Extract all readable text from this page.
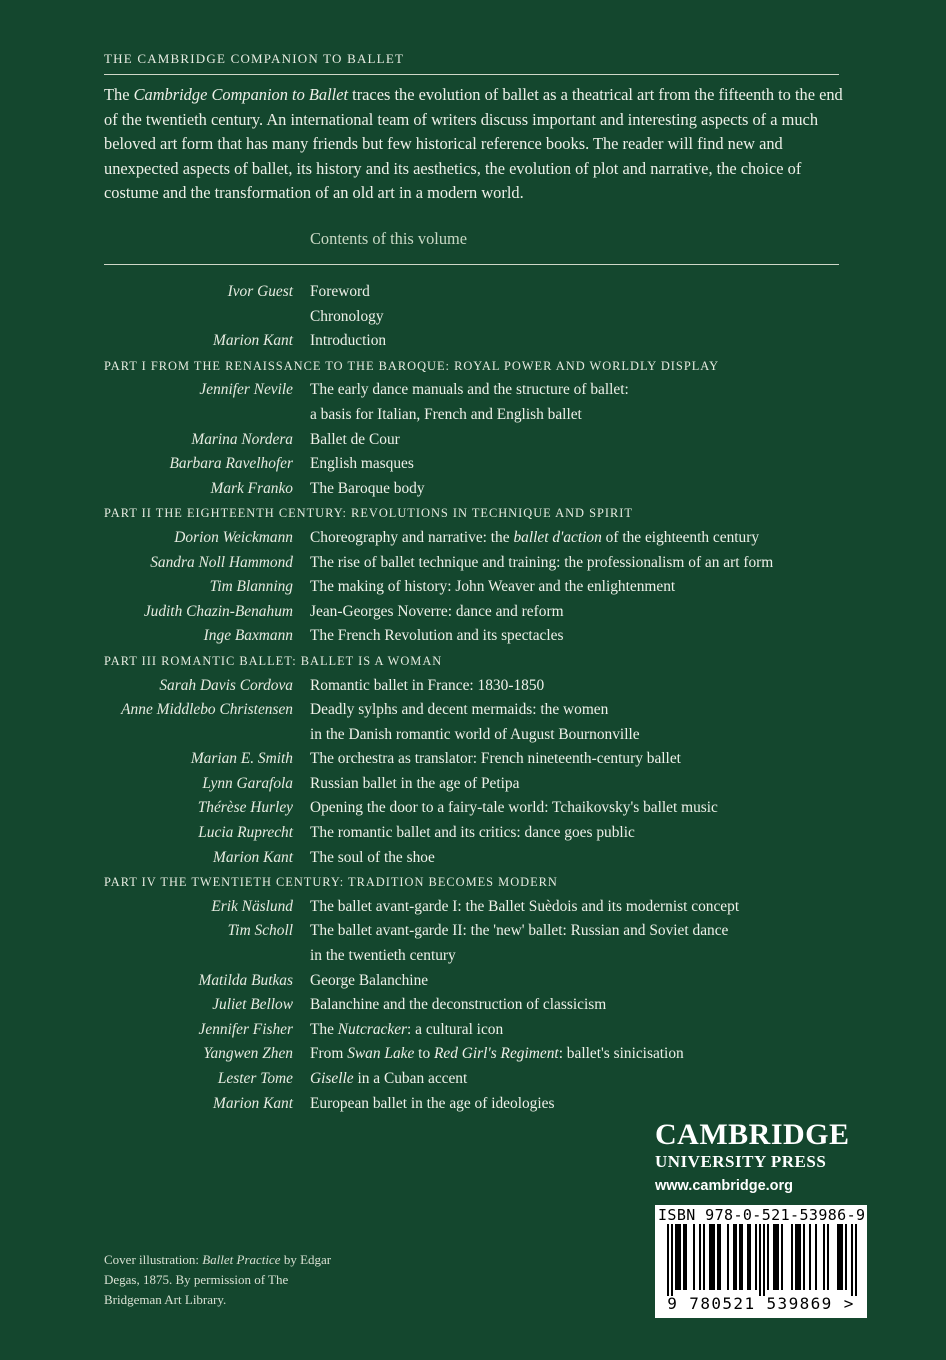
THE CAMBRIDGE COMPANION TO BALLET
The Cambridge Companion to Ballet traces the evolution of ballet as a theatrical art from the fifteenth to the end of the twentieth century. An international team of writers discuss important and interesting aspects of a much beloved art form that has many friends but few historical reference books. The reader will find new and unexpected aspects of ballet, its history and its aesthetics, the evolution of plot and narrative, the choice of costume and the transformation of an old art in a modern world.
Contents of this volume
Ivor Guest Foreword
Chronology
Marion Kant Introduction
PART I FROM THE RENAISSANCE TO THE BAROQUE: ROYAL POWER AND WORLDLY DISPLAY
Jennifer Nevile The early dance manuals and the structure of ballet:
a basis for Italian, French and English ballet
Marina Nordera Ballet de Cour
Barbara Ravelhofer English masques
Mark Franko The Baroque body
PART II THE EIGHTEENTH CENTURY: REVOLUTIONS IN TECHNIQUE AND SPIRIT
Dorion Weickmann Choreography and narrative: the ballet d'action of the eighteenth century
Sandra Noll Hammond The rise of ballet technique and training: the professionalism of an art form
Tim Blanning The making of history: John Weaver and the enlightenment
Judith Chazin-Benahum Jean-Georges Noverre: dance and reform
Inge Baxmann The French Revolution and its spectacles
PART III ROMANTIC BALLET: BALLET IS A WOMAN
Sarah Davis Cordova Romantic ballet in France: 1830-1850
Anne Middlebo Christensen Deadly sylphs and decent mermaids: the women
in the Danish romantic world of August Bournonville
Marian E. Smith The orchestra as translator: French nineteenth-century ballet
Lynn Garafola Russian ballet in the age of Petipa
Thérèse Hurley Opening the door to a fairy-tale world: Tchaikovsky's ballet music
Lucia Ruprecht The romantic ballet and its critics: dance goes public
Marion Kant The soul of the shoe
PART IV THE TWENTIETH CENTURY: TRADITION BECOMES MODERN
Erik Näslund The ballet avant-garde I: the Ballet Suèdois and its modernist concept
Tim Scholl The ballet avant-garde II: the 'new' ballet: Russian and Soviet dance
in the twentieth century
Matilda Butkas George Balanchine
Juliet Bellow Balanchine and the deconstruction of classicism
Jennifer Fisher The Nutcracker: a cultural icon
Yangwen Zhen From Swan Lake to Red Girl's Regiment: ballet's sinicisation
Lester Tome Giselle in a Cuban accent
Marion Kant European ballet in the age of ideologies
CAMBRIDGE
UNIVERSITY PRESS
www.cambridge.org
ISBN 978-0-521-53986-9
9 780521 539869 >
Cover illustration: Ballet Practice by Edgar Degas, 1875. By permission of The Bridgeman Art Library.
